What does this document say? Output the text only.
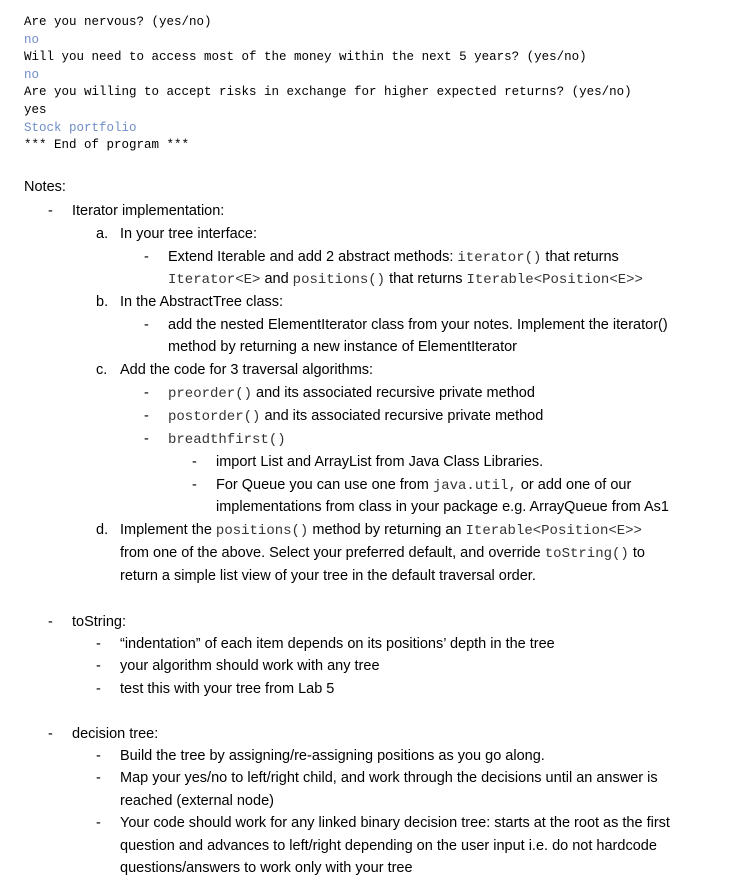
Are you nervous? (yes/no)
no
Will you need to access most of the money within the next 5 years? (yes/no)
no
Are you willing to accept risks in exchange for higher expected returns? (yes/no)
yes
Stock portfolio
*** End of program ***
Notes:
- Iterator implementation:
a. In your tree interface:
- Extend Iterable and add 2 abstract methods: iterator() that returns
Iterator<E> and positions() that returns Iterable<Position<E>>
b. In the AbstractTree class:
- add the nested ElementIterator class from your notes. Implement the iterator()
method by returning a new instance of ElementIterator
c. Add the code for 3 traversal algorithms:
- preorder() and its associated recursive private method
- postorder() and its associated recursive private method
- breadthfirst()
- import List and ArrayList from Java Class Libraries.
- For Queue you can use one from java.util, or add one of our
implementations from class in your package e.g. ArrayQueue from As1
d. Implement the positions() method by returning an Iterable<Position<E>>
from one of the above. Select your preferred default, and override toString() to
return a simple list view of your tree in the default traversal order.
- toString:
- “indentation” of each item depends on its positions’ depth in the tree
- your algorithm should work with any tree
- test this with your tree from Lab 5
- decision tree:
- Build the tree by assigning/re-assigning positions as you go along.
- Map your yes/no to left/right child, and work through the decisions until an answer is
reached (external node)
- Your code should work for any linked binary decision tree: starts at the root as the first
question and advances to left/right depending on the user input i.e. do not hardcode
questions/answers to work only with your tree
